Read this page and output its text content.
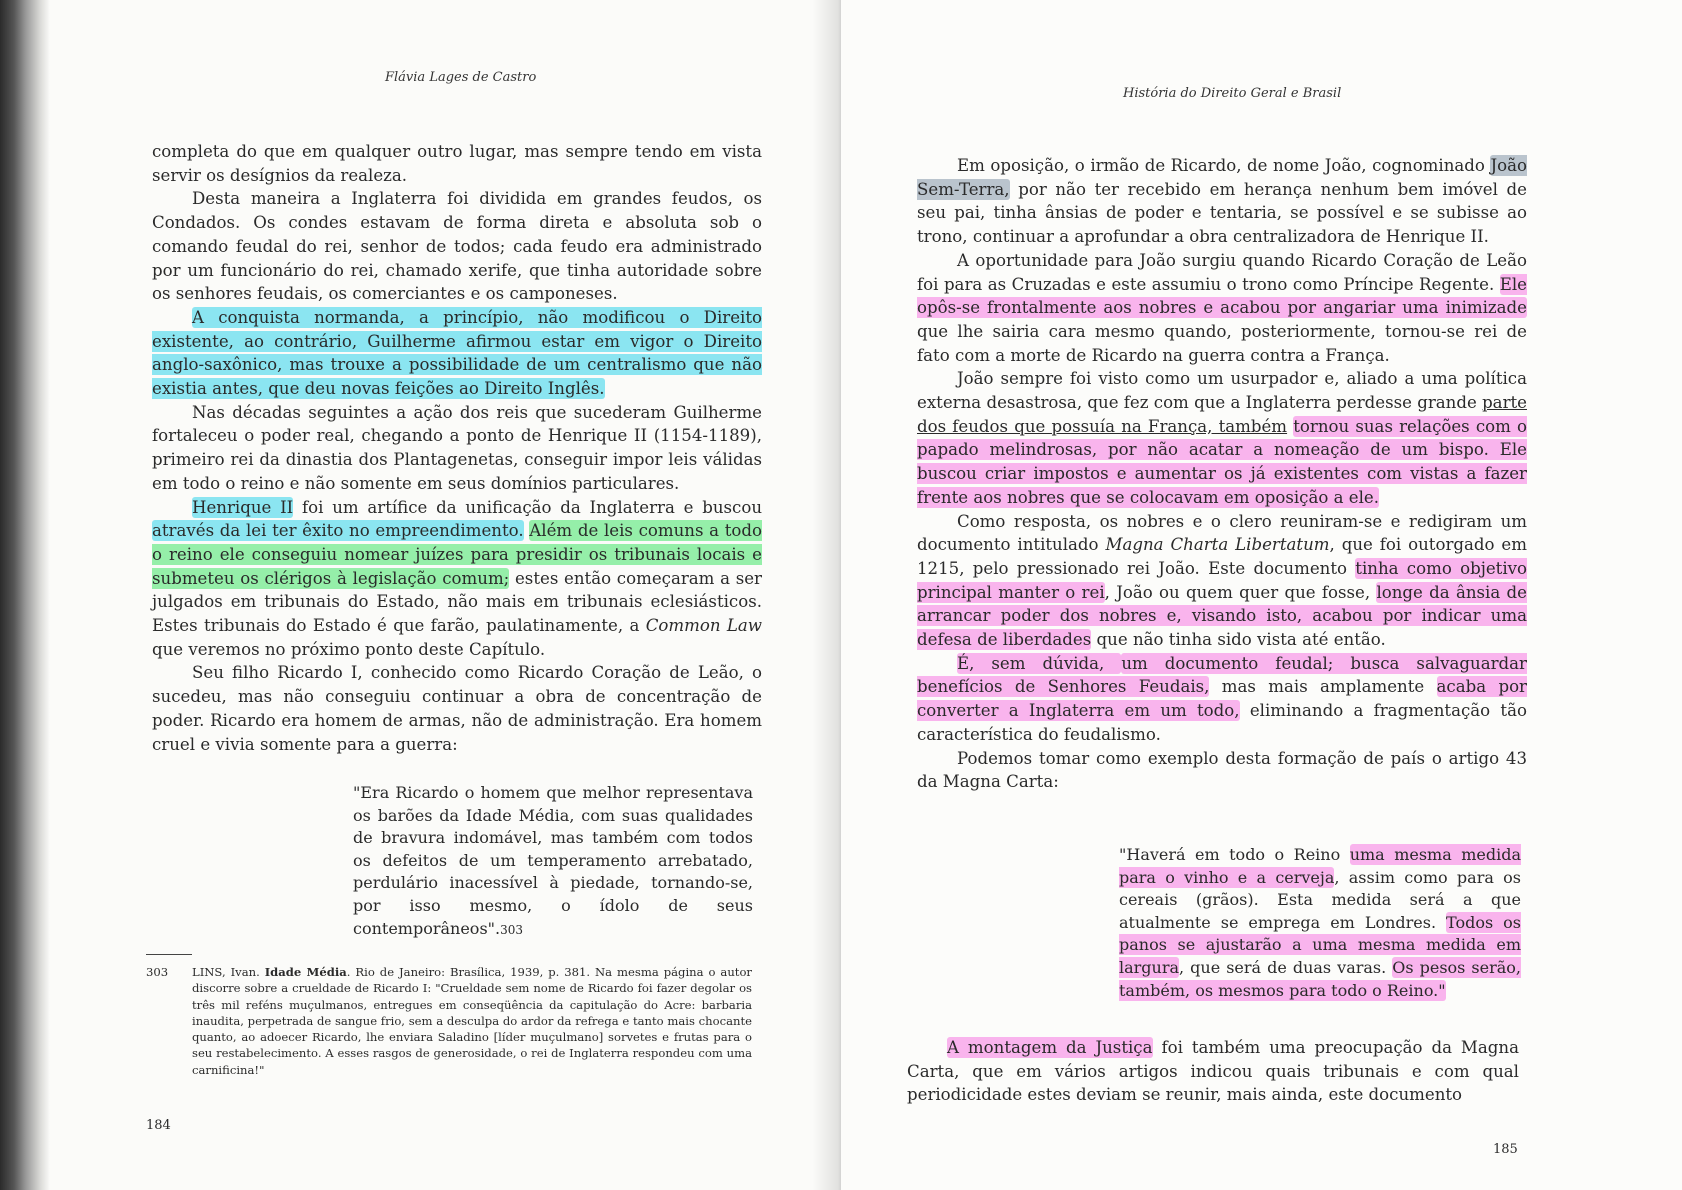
Flávia Lages de Castro

completa do que em qualquer outro lugar, mas sempre tendo em vista servir os desígnios da realeza.

Desta maneira a Inglaterra foi dividida em grandes feudos, os Condados. Os condes estavam de forma direta e absoluta sob o comando feudal do rei, senhor de todos; cada feudo era administrado por um funcionário do rei, chamado xerife, que tinha autoridade sobre os senhores feudais, os comerciantes e os camponeses.

A conquista normanda, a princípio, não modificou o Direito existente, ao contrário, Guilherme afirmou estar em vigor o Direito anglo-saxônico, mas trouxe a possibilidade de um centralismo que não existia antes, que deu novas feições ao Direito Inglês.

Nas décadas seguintes a ação dos reis que sucederam Guilherme fortaleceu o poder real, chegando a ponto de Henrique II (1154-1189), primeiro rei da dinastia dos Plantagenetas, conseguir impor leis válidas em todo o reino e não somente em seus domínios particulares.

Henrique II foi um artífice da unificação da Inglaterra e buscou através da lei ter êxito no empreendimento. Além de leis comuns a todo o reino ele conseguiu nomear juízes para presidir os tribunais locais e submeteu os clérigos à legislação comum; estes então começaram a ser julgados em tribunais do Estado, não mais em tribunais eclesiásticos. Estes tribunais do Estado é que farão, paulatinamente, a Common Law que veremos no próximo ponto deste Capítulo.

Seu filho Ricardo I, conhecido como Ricardo Coração de Leão, o sucedeu, mas não conseguiu continuar a obra de concentração de poder. Ricardo era homem de armas, não de administração. Era homem cruel e vivia somente para a guerra:

"Era Ricardo o homem que melhor representava os barões da Idade Média, com suas qualidades de bravura indomável, mas também com todos os defeitos de um temperamento arrebatado, perdulário inacessível à piedade, tornando-se, por isso mesmo, o ídolo de seus contemporâneos".303

303 LINS, Ivan. Idade Média. Rio de Janeiro: Brasílica, 1939, p. 381. Na mesma página o autor discorre sobre a crueldade de Ricardo I: "Crueldade sem nome de Ricardo foi fazer degolar os três mil reféns muçulmanos, entregues em conseqüência da capitulação do Acre: barbaria inaudita, perpetrada de sangue frio, sem a desculpa do ardor da refrega e tanto mais chocante quanto, ao adoecer Ricardo, lhe enviara Saladino [líder muçulmano] sorvetes e frutas para o seu restabelecimento. A esses rasgos de generosidade, o rei de Inglaterra respondeu com uma carnificina!"
184
História do Direito Geral e Brasil

Em oposição, o irmão de Ricardo, de nome João, cognominado João Sem-Terra, por não ter recebido em herança nenhum bem imóvel de seu pai, tinha ânsias de poder e tentaria, se possível e se subisse ao trono, continuar a aprofundar a obra centralizadora de Henrique II.

A oportunidade para João surgiu quando Ricardo Coração de Leão foi para as Cruzadas e este assumiu o trono como Príncipe Regente. Ele opôs-se frontalmente aos nobres e acabou por angariar uma inimizade que lhe sairia cara mesmo quando, posteriormente, tornou-se rei de fato com a morte de Ricardo na guerra contra a França.

João sempre foi visto como um usurpador e, aliado a uma política externa desastrosa, que fez com que a Inglaterra perdesse grande parte dos feudos que possuía na França, também tornou suas relações com o papado melindrosas, por não acatar a nomeação de um bispo. Ele buscou criar impostos e aumentar os já existentes com vistas a fazer frente aos nobres que se colocavam em oposição a ele.

Como resposta, os nobres e o clero reuniram-se e redigiram um documento intitulado Magna Charta Libertatum, que foi outorgado em 1215, pelo pressionado rei João. Este documento tinha como objetivo principal manter o rei, João ou quem quer que fosse, longe da ânsia de arrancar poder dos nobres e, visando isto, acabou por indicar uma defesa de liberdades que não tinha sido vista até então.

É, sem dúvida, um documento feudal; busca salvaguardar benefícios de Senhores Feudais, mas mais amplamente acaba por converter a Inglaterra em um todo, eliminando a fragmentação tão característica do feudalismo.

Podemos tomar como exemplo desta formação de país o artigo 43 da Magna Carta:

"Haverá em todo o Reino uma mesma medida para o vinho e a cerveja, assim como para os cereais (grãos). Esta medida será a que atualmente se emprega em Londres. Todos os panos se ajustarão a uma mesma medida em largura, que será de duas varas. Os pesos serão, também, os mesmos para todo o Reino."

A montagem da Justiça foi também uma preocupação da Magna Carta, que em vários artigos indicou quais tribunais e com qual periodicidade estes deviam se reunir, mais ainda, este documento

185
